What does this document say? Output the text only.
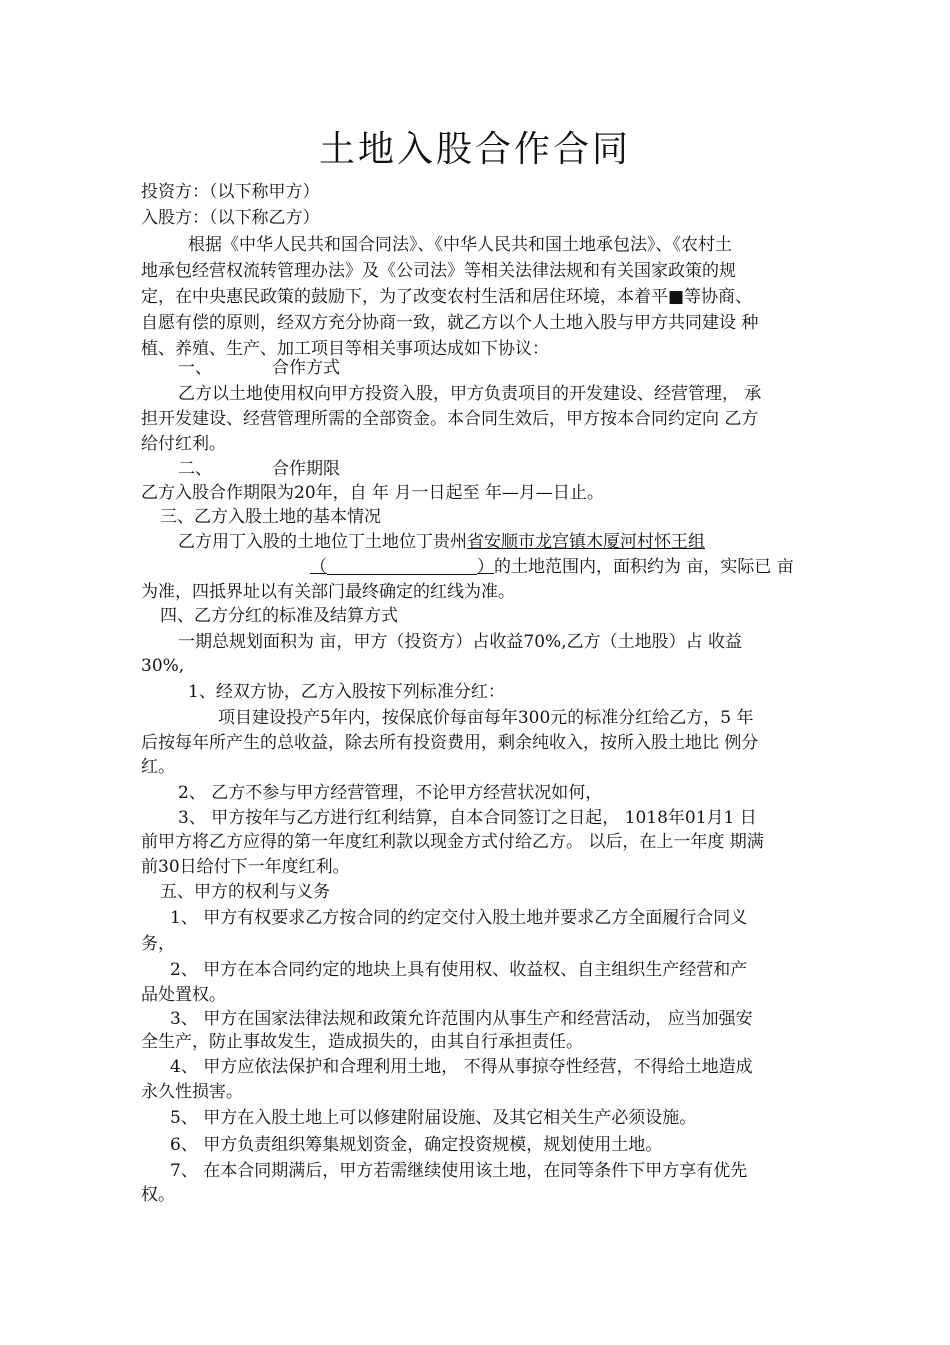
土地入股合作合同
投资方：（以下称甲方）
入股方：（以下称乙方）
根据《中华人民共和国合同法》、《中华人民共和国土地承包法》、《农村土
地承包经营权流转管理办法》及《公司法》等相关法律法规和有关国家政策的规
定，在中央惠民政策的鼓励下，为了改变农村生活和居住环境，本着平■等协商、
自愿有偿的原则，经双方充分协商一致，就乙方以个人土地入股与甲方共同建设 种
植、养殖、生产、加工项目等相关事项达成如下协议：
一、	合作方式
乙方以土地使用权向甲方投资入股，甲方负责项目的开发建设、经营管理， 承
担开发建设、经营管理所需的全部资金。本合同生效后，甲方按本合同约定向 乙方
给付红利。
二、	合作期限
乙方入股合作期限为20年，自 年 月一日起至 年—月—日止。
三、乙方入股土地的基本情况
乙方用丁入股的土地位丁土地位丁贵州省安顺市龙宫镇木厦河村怀王组
（	）的土地范围内，面积约为 亩，实际已 亩
为准，四抵界址以有关部门最终确定的红线为准。
四、乙方分红的标准及结算方式
一期总规划面积为 亩，甲方（投资方）占收益70%,乙方（土地股）占 收益
30%,
1、经双方协，乙方入股按下列标准分红：
项目建设投产5年内，按保底价每亩每年300元的标准分红给乙方，5 年
后按每年所产生的总收益，除去所有投资费用，剩余纯收入，按所入股土地比 例分
红。
2、 乙方不参与甲方经营管理，不论甲方经营状况如何，
3、 甲方按年与乙方进行红利结算，自本合同签订之日起， 1018年01月1 日
前甲方将乙方应得的第一年度红利款以现金方式付给乙方。 以后，在上一年度 期满
前30日给付下一年度红利。
五、甲方的权利与义务
1、 甲方有权要求乙方按合同的约定交付入股土地并要求乙方全面履行合同义
务，
2、 甲方在本合同约定的地块上具有使用权、收益权、自主组织生产经营和产
品处置权。
3、 甲方在国家法律法规和政策允许范围内从事生产和经营活动， 应当加强安
全生产，防止事故发生，造成损失的，由其自行承担责任。
4、 甲方应依法保护和合理利用土地， 不得从事掠夺性经营，不得给土地造成
永久性损害。
5、 甲方在入股土地上可以修建附届设施、及其它相关生产必须设施。
6、 甲方负责组织筹集规划资金，确定投资规模，规划使用土地。
7、 在本合同期满后，甲方若需继续使用该土地，在同等条件下甲方享有优先
权。
